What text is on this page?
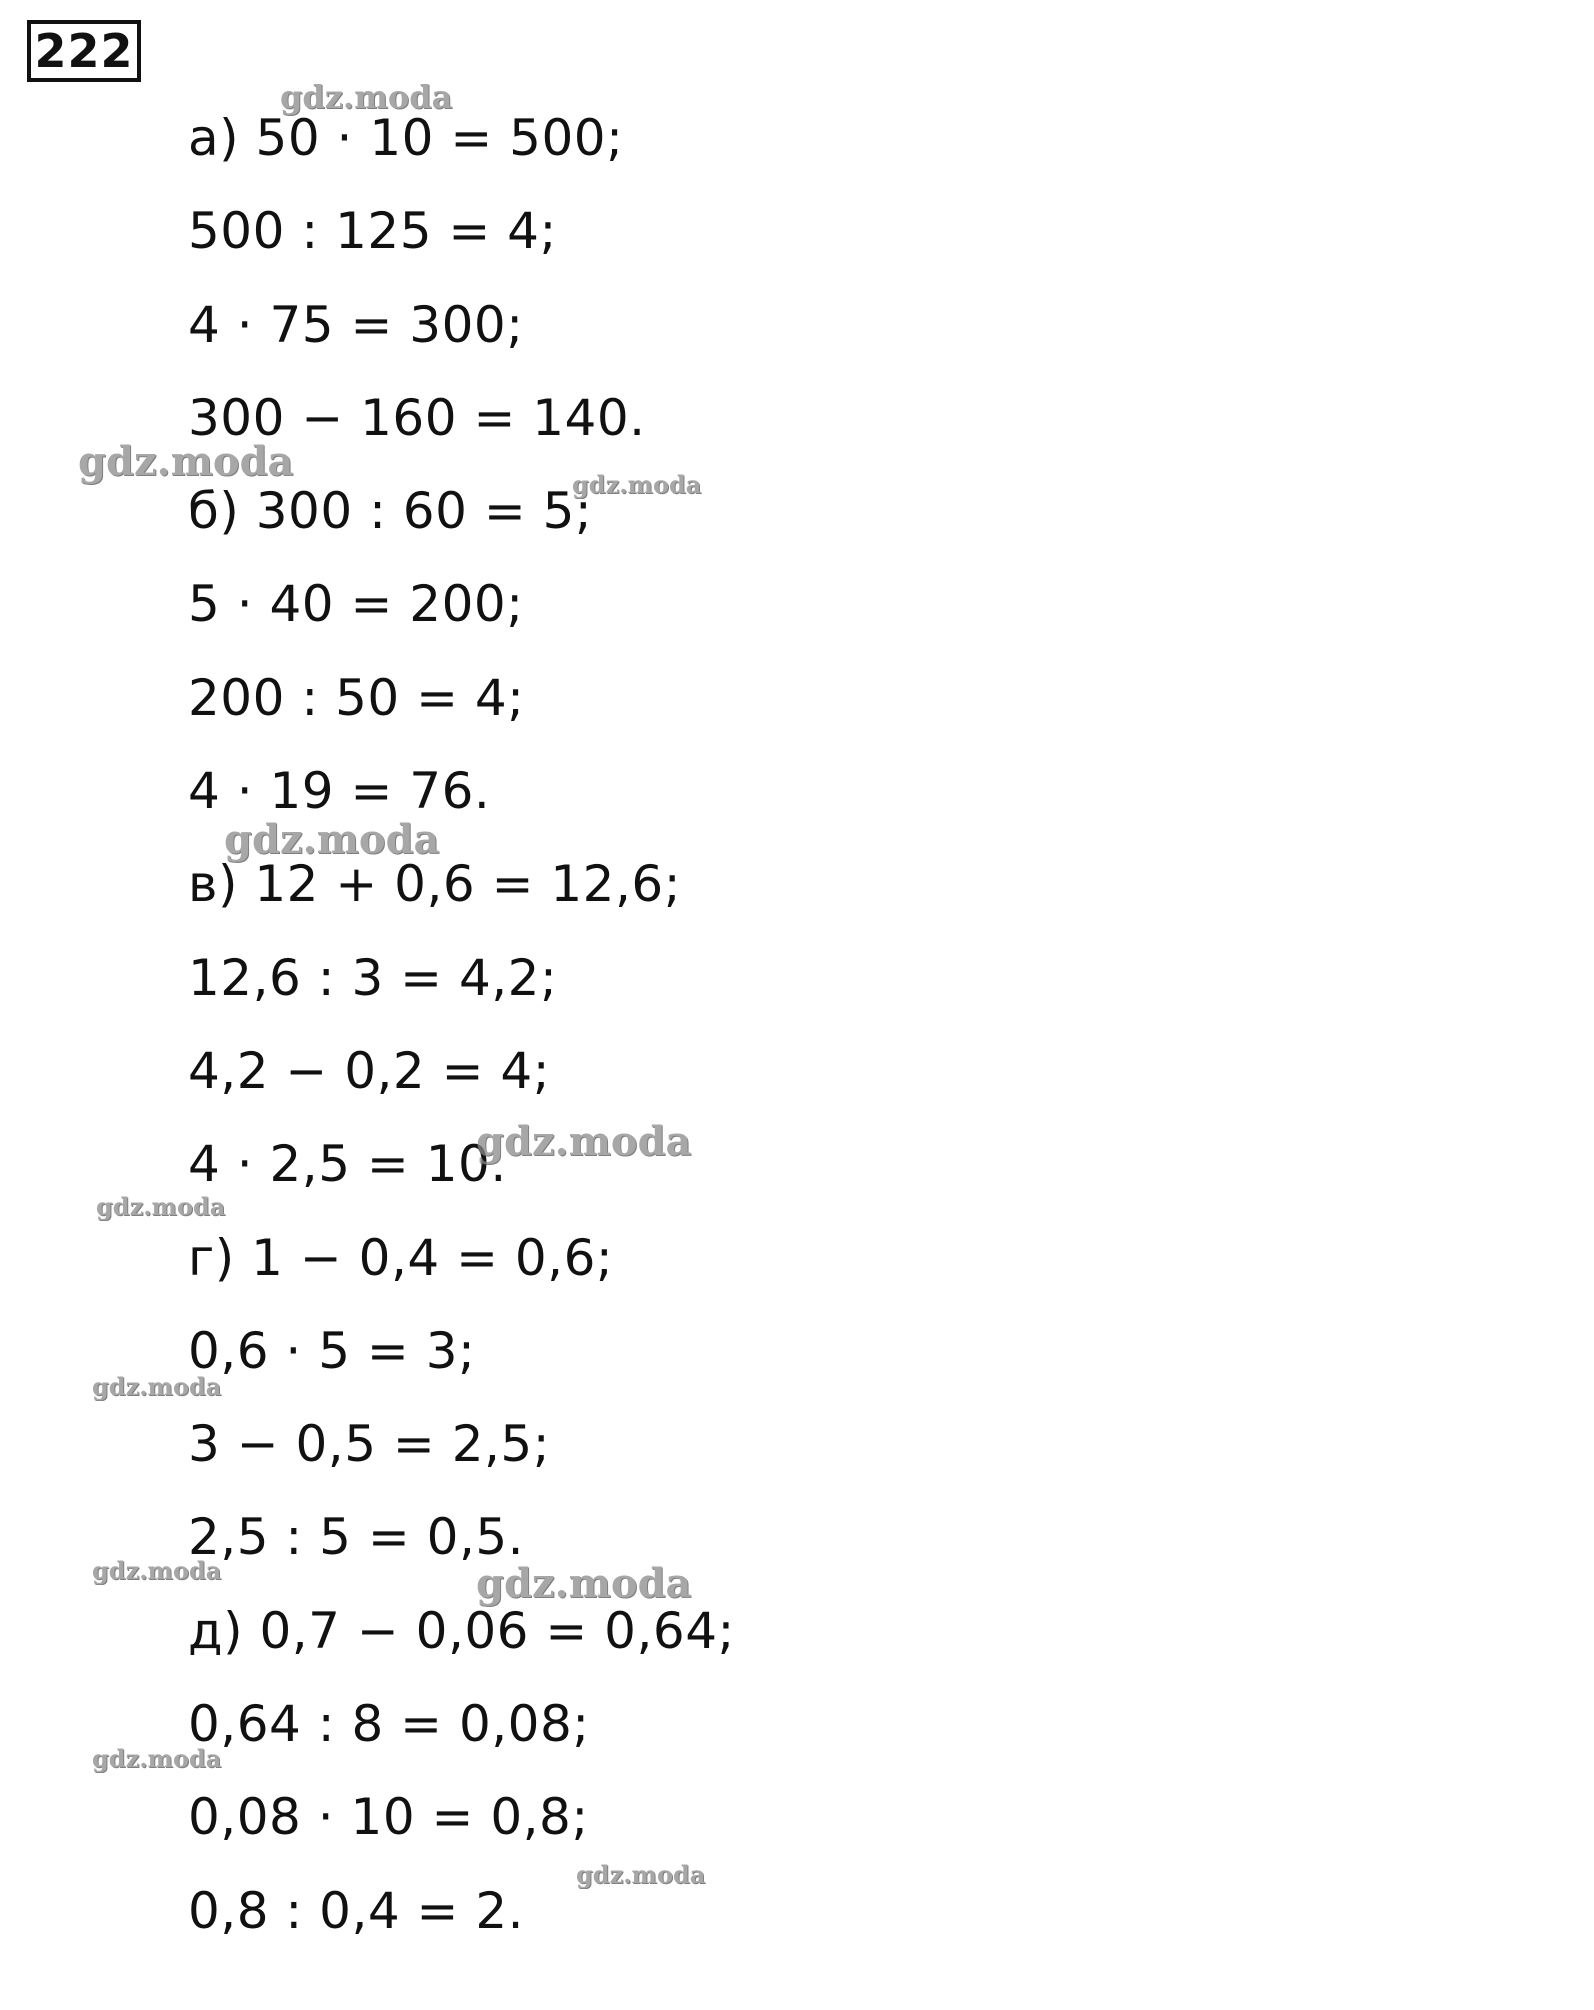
222
а) 50 · 10 = 500;
500 : 125 = 4;
4 · 75 = 300;
300 − 160 = 140.
б) 300 : 60 = 5;
5 · 40 = 200;
200 : 50 = 4;
4 · 19 = 76.
в) 12 + 0,6 = 12,6;
12,6 : 3 = 4,2;
4,2 − 0,2 = 4;
4 · 2,5 = 10.
г) 1 − 0,4 = 0,6;
0,6 · 5 = 3;
3 − 0,5 = 2,5;
2,5 : 5 = 0,5.
д) 0,7 − 0,06 = 0,64;
0,64 : 8 = 0,08;
0,08 · 10 = 0,8;
0,8 : 0,4 = 2.
gdz.moda
gdz.moda	gdz.moda
gdz.moda
gdz.moda
gdz.moda
gdz.moda
gdz.moda	gdz.moda
gdz.moda
gdz.moda
